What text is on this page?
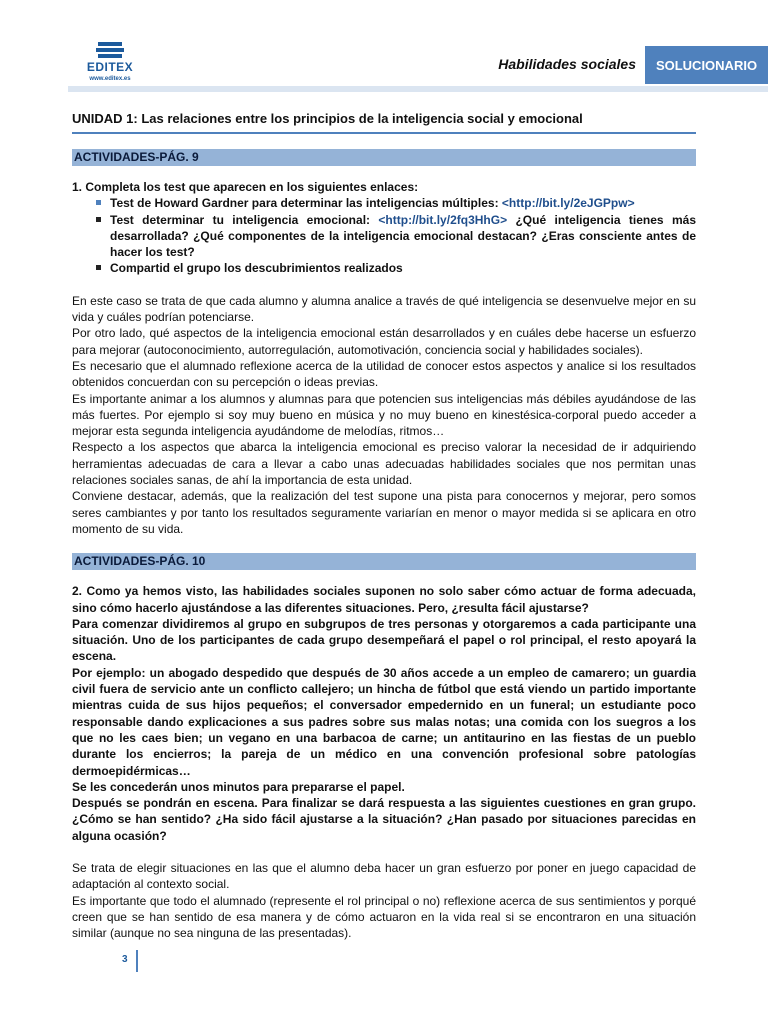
EDITEX
www.editex.es
Habilidades sociales	SOLUCIONARIO
UNIDAD 1: Las relaciones entre los principios de la inteligencia social y emocional
ACTIVIDADES-PÁG. 9

1. Completa los test que aparecen en los siguientes enlaces:

Test de Howard Gardner para determinar las inteligencias múltiples: <http://bit.ly/2eJGPpw>
Test determinar tu inteligencia emocional: <http://bit.ly/2fq3HhG> ¿Qué inteligencia tienes más desarrollada? ¿Qué componentes de la inteligencia emocional destacan? ¿Eras consciente antes de hacer los test?
Compartid el grupo los descubrimientos realizados

En este caso se trata de que cada alumno y alumna analice a través de qué inteligencia se desenvuelve mejor en su vida y cuáles podrían potenciarse.

Por otro lado, qué aspectos de la inteligencia emocional están desarrollados y en cuáles debe hacerse un esfuerzo para mejorar (autoconocimiento, autorregulación, automotivación, conciencia social y habilidades sociales).

Es necesario que el alumnado reflexione acerca de la utilidad de conocer estos aspectos y analice si los resultados obtenidos concuerdan con su percepción o ideas previas.

Es importante animar a los alumnos y alumnas para que potencien sus inteligencias más débiles ayudándose de las más fuertes. Por ejemplo si soy muy bueno en música y no muy bueno en kinestésica-corporal puedo acceder a mejorar esta segunda inteligencia ayudándome de melodías, ritmos…

Respecto a los aspectos que abarca la inteligencia emocional es preciso valorar la necesidad de ir adquiriendo herramientas adecuadas de cara a llevar a cabo unas adecuadas habilidades sociales que nos permitan unas relaciones sociales sanas, de ahí la importancia de esta unidad.

Conviene destacar, además, que la realización del test supone una pista para conocernos y mejorar, pero somos seres cambiantes y por tanto los resultados seguramente variarían en menor o mayor medida si se aplicara en otro momento de su vida.

ACTIVIDADES-PÁG. 10

2. Como ya hemos visto, las habilidades sociales suponen no solo saber cómo actuar de forma adecuada, sino cómo hacerlo ajustándose a las diferentes situaciones. Pero, ¿resulta fácil ajustarse?

Para comenzar dividiremos al grupo en subgrupos de tres personas y otorgaremos a cada participante una situación. Uno de los participantes de cada grupo desempeñará el papel o rol principal, el resto apoyará la escena.

Por ejemplo: un abogado despedido que después de 30 años accede a un empleo de camarero; un guardia civil fuera de servicio ante un conflicto callejero; un hincha de fútbol que está viendo un partido importante mientras cuida de sus hijos pequeños; el conversador empedernido en un funeral; un estudiante poco responsable dando explicaciones a sus padres sobre sus malas notas; una comida con los suegros a los que no les caes bien; un vegano en una barbacoa de carne; un antitaurino en las fiestas de un pueblo durante los encierros; la pareja de un médico en una convención profesional sobre patologías dermoepidérmicas…

Se les concederán unos minutos para prepararse el papel.

Después se pondrán en escena. Para finalizar se dará respuesta a las siguientes cuestiones en gran grupo. ¿Cómo se han sentido? ¿Ha sido fácil ajustarse a la situación? ¿Han pasado por situaciones parecidas en alguna ocasión?

Se trata de elegir situaciones en las que el alumno deba hacer un gran esfuerzo por poner en juego capacidad de adaptación al contexto social.

Es importante que todo el alumnado (represente el rol principal o no) reflexione acerca de sus sentimientos y porqué creen que se han sentido de esa manera y de cómo actuaron en la vida real si se encontraron en una situación similar (aunque no sea ninguna de las presentadas).

3
